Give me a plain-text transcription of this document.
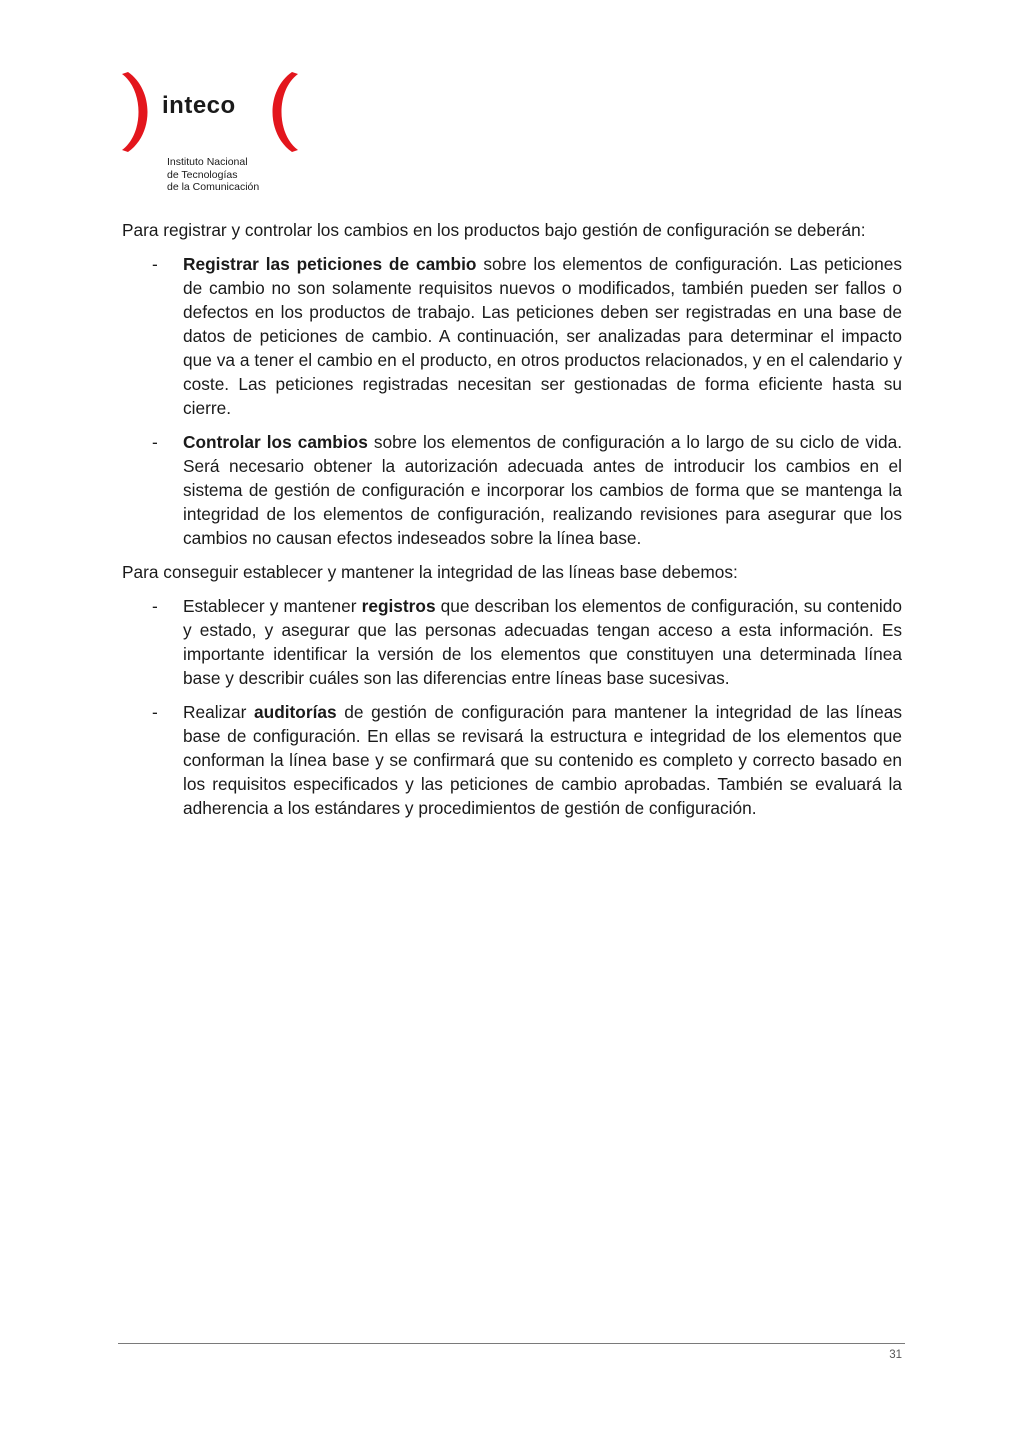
inteco
Instituto Nacional
de Tecnologías
de la Comunicación

Para registrar y controlar los cambios en los productos bajo gestión de configuración se deberán:

- Registrar las peticiones de cambio sobre los elementos de configuración. Las peticiones de cambio no son solamente requisitos nuevos o modificados, también pueden ser fallos o defectos en los productos de trabajo. Las peticiones deben ser registradas en una base de datos de peticiones de cambio. A continuación, ser analizadas para determinar el impacto que va a tener el cambio en el producto, en otros productos relacionados, y en el calendario y coste. Las peticiones registradas necesitan ser gestionadas de forma eficiente hasta su cierre.
- Controlar los cambios sobre los elementos de configuración a lo largo de su ciclo de vida. Será necesario obtener la autorización adecuada antes de introducir los cambios en el sistema de gestión de configuración e incorporar los cambios de forma que se mantenga la integridad de los elementos de configuración, realizando revisiones para asegurar que los cambios no causan efectos indeseados sobre la línea base.

Para conseguir establecer y mantener la integridad de las líneas base debemos:

- Establecer y mantener registros que describan los elementos de configuración, su contenido y estado, y asegurar que las personas adecuadas tengan acceso a esta información. Es importante identificar la versión de los elementos que constituyen una determinada línea base y describir cuáles son las diferencias entre líneas base sucesivas.
- Realizar auditorías de gestión de configuración para mantener la integridad de las líneas base de configuración. En ellas se revisará la estructura e integridad de los elementos que conforman la línea base y se confirmará que su contenido es completo y correcto basado en los requisitos especificados y las peticiones de cambio aprobadas. También se evaluará la adherencia a los estándares y procedimientos de gestión de configuración.
31
